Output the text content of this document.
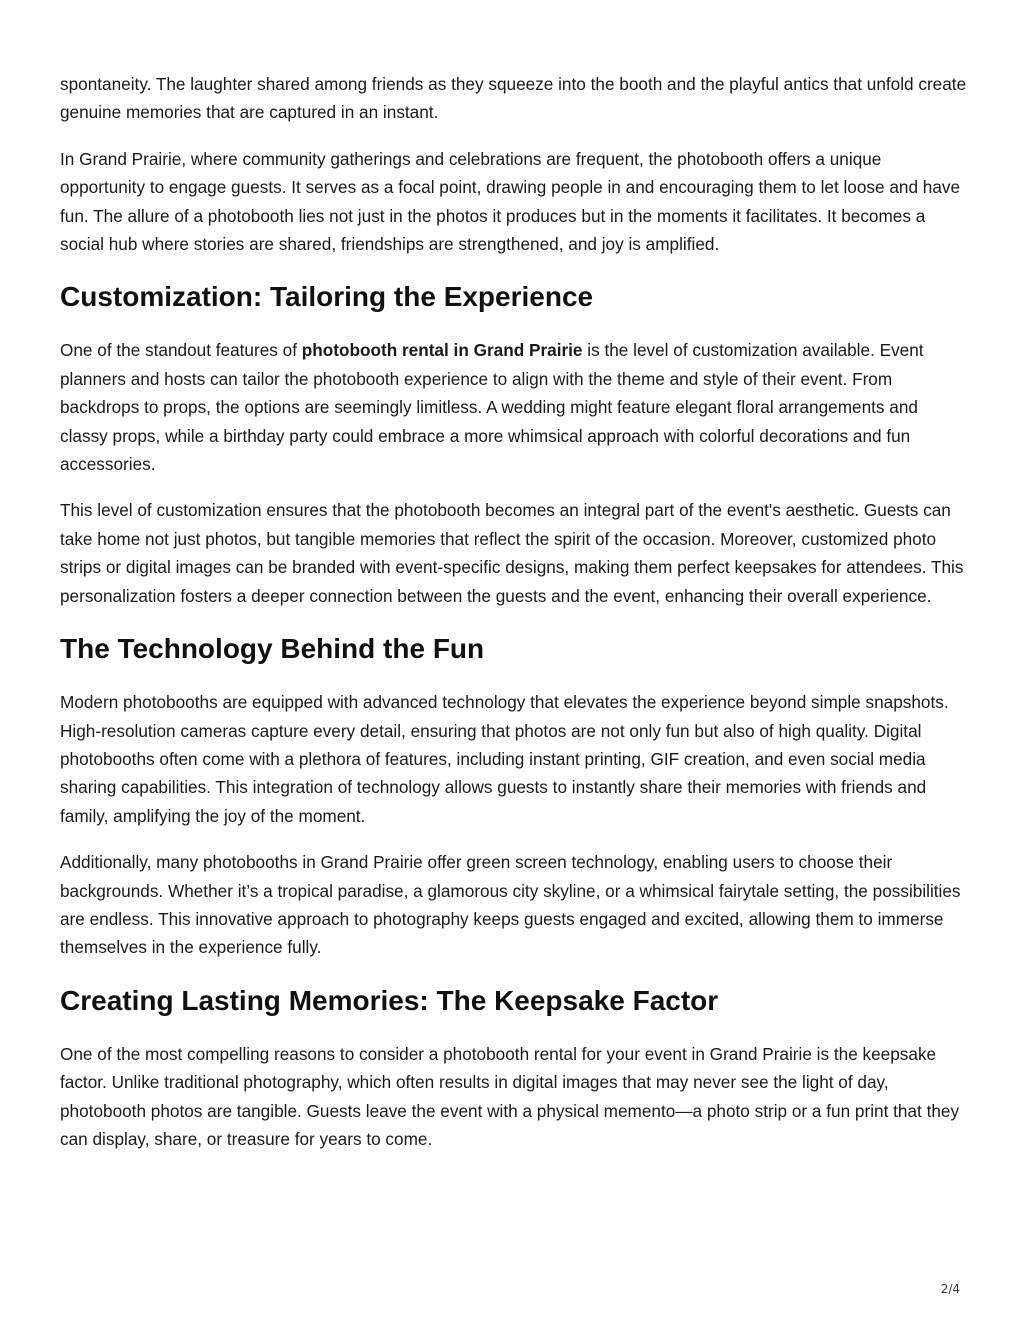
spontaneity. The laughter shared among friends as they squeeze into the booth and the playful antics that unfold create genuine memories that are captured in an instant.

In Grand Prairie, where community gatherings and celebrations are frequent, the photobooth offers a unique opportunity to engage guests. It serves as a focal point, drawing people in and encouraging them to let loose and have fun. The allure of a photobooth lies not just in the photos it produces but in the moments it facilitates. It becomes a social hub where stories are shared, friendships are strengthened, and joy is amplified.

Customization: Tailoring the Experience

One of the standout features of photobooth rental in Grand Prairie is the level of customization available. Event planners and hosts can tailor the photobooth experience to align with the theme and style of their event. From backdrops to props, the options are seemingly limitless. A wedding might feature elegant floral arrangements and classy props, while a birthday party could embrace a more whimsical approach with colorful decorations and fun accessories.

This level of customization ensures that the photobooth becomes an integral part of the event's aesthetic. Guests can take home not just photos, but tangible memories that reflect the spirit of the occasion. Moreover, customized photo strips or digital images can be branded with event-specific designs, making them perfect keepsakes for attendees. This personalization fosters a deeper connection between the guests and the event, enhancing their overall experience.

The Technology Behind the Fun

Modern photobooths are equipped with advanced technology that elevates the experience beyond simple snapshots. High-resolution cameras capture every detail, ensuring that photos are not only fun but also of high quality. Digital photobooths often come with a plethora of features, including instant printing, GIF creation, and even social media sharing capabilities. This integration of technology allows guests to instantly share their memories with friends and family, amplifying the joy of the moment.

Additionally, many photobooths in Grand Prairie offer green screen technology, enabling users to choose their backgrounds. Whether it’s a tropical paradise, a glamorous city skyline, or a whimsical fairytale setting, the possibilities are endless. This innovative approach to photography keeps guests engaged and excited, allowing them to immerse themselves in the experience fully.

Creating Lasting Memories: The Keepsake Factor

One of the most compelling reasons to consider a photobooth rental for your event in Grand Prairie is the keepsake factor. Unlike traditional photography, which often results in digital images that may never see the light of day, photobooth photos are tangible. Guests leave the event with a physical memento—a photo strip or a fun print that they can display, share, or treasure for years to come.

2/4
